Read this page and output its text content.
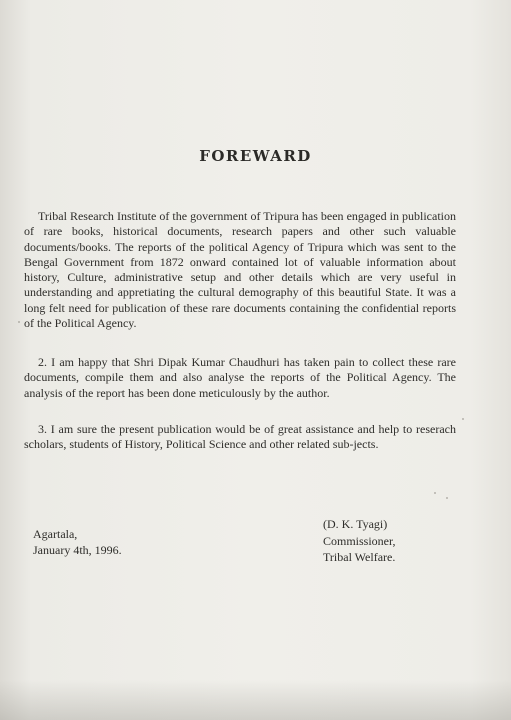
FOREWARD
Tribal Research Institute of the government of Tripura has been engaged in publication of rare books, historical documents, research papers and other such valuable documents/books. The reports of the political Agency of Tripura which was sent to the Bengal Government from 1872 onward contained lot of valuable information about history, Culture, administrative setup and other details which are very useful in understanding and appretiating the cultural demography of this beautiful State. It was a long felt need for publication of these rare documents containing the confidential reports of the Political Agency.
2. I am happy that Shri Dipak Kumar Chaudhuri has taken pain to collect these rare documents, compile them and also analyse the reports of the Political Agency. The analysis of the report has been done meticulously by the author.
3. I am sure the present publication would be of great assistance and help to reserach scholars, students of History, Political Science and other related sub-jects.
Agartala,
January 4th, 1996.
(D. K. Tyagi)
Commissioner,
Tribal Welfare.
